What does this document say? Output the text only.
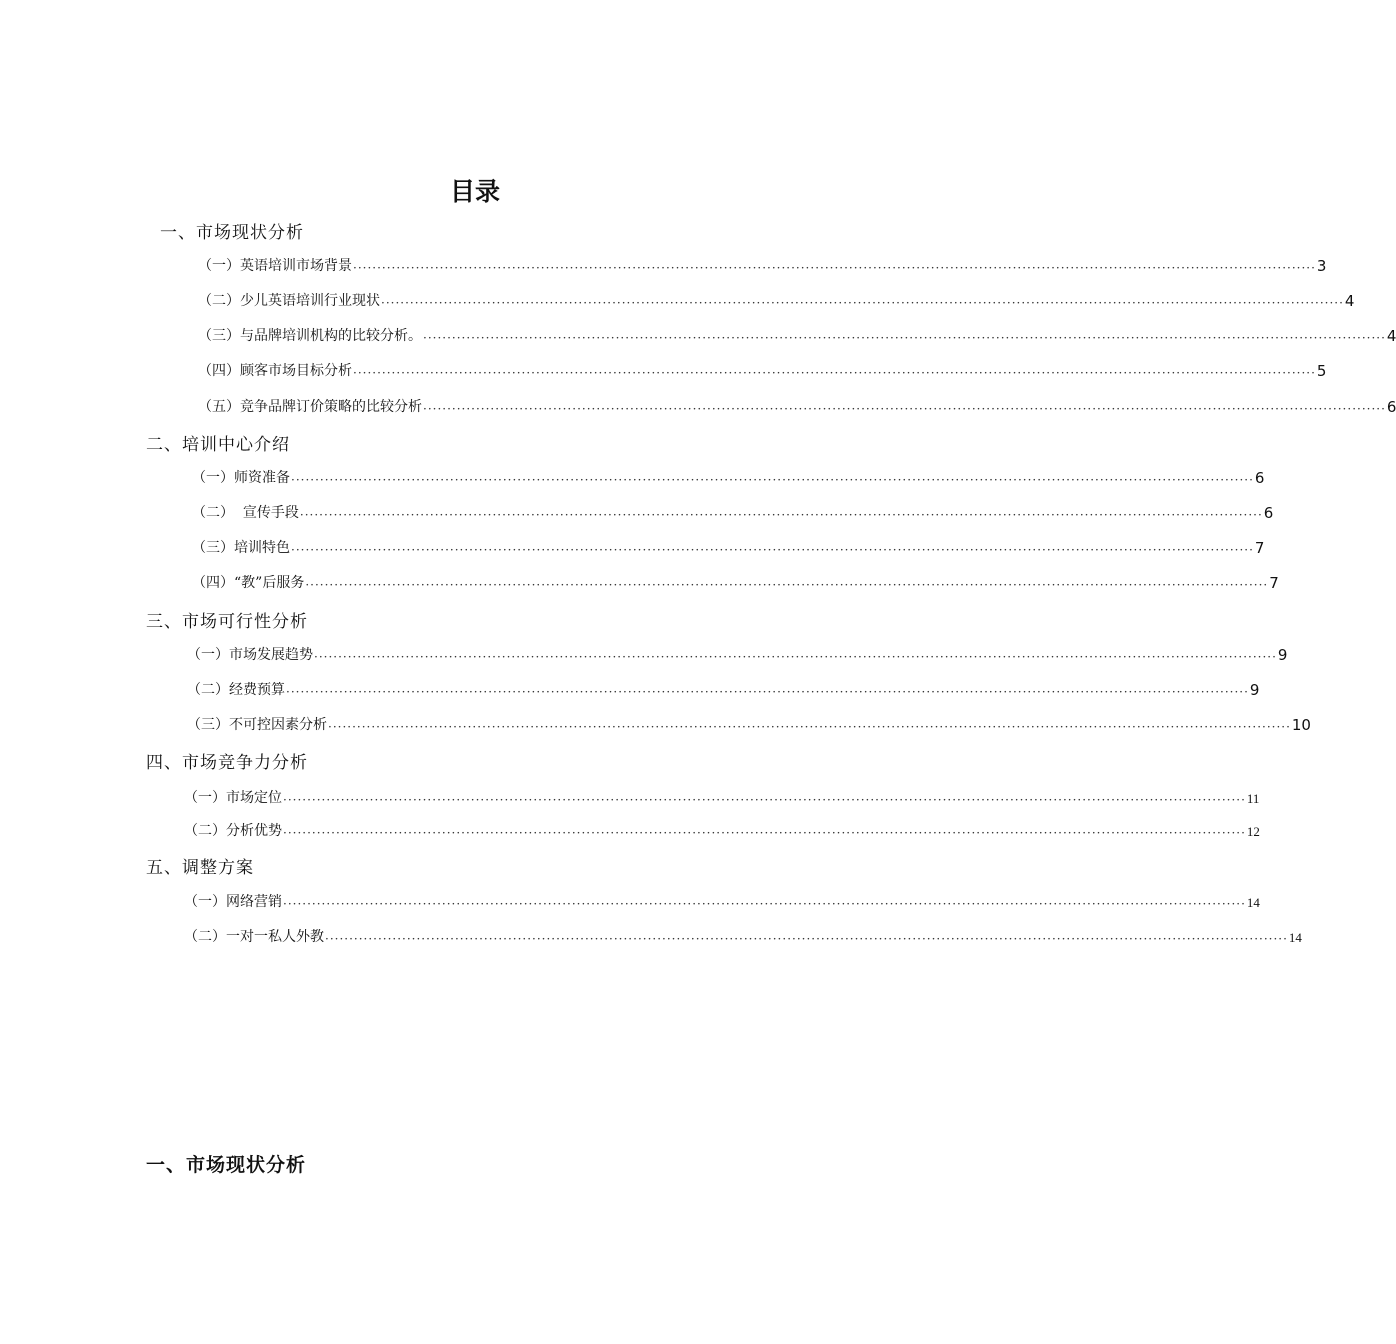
目录
一、市场现状分析
（一）英语培训市场背景 ········································································································································································································ 3
（二）少儿英语培训行业现状 ········································································································································································································ 4
（三）与品牌培训机构的比较分析。 ········································································································································································································ 4
（四）顾客市场目标分析 ········································································································································································································ 5
（五）竞争品牌订价策略的比较分析 ········································································································································································································ 6
二、培训中心介绍
（一）师资准备 ········································································································································································································ 6
（二）  宣传手段 ········································································································································································································ 6
（三）培训特色 ········································································································································································································ 7
（四）“教”后服务 ········································································································································································································ 7
三、市场可行性分析
（一）市场发展趋势 ········································································································································································································ 9
（二）经费预算 ········································································································································································································ 9
（三）不可控因素分析 ········································································································································································································ 10
四、市场竞争力分析
（一）市场定位 ········································································································································································································ 11
（二）分析优势 ········································································································································································································ 12
五、调整方案
（一）网络营销 ········································································································································································································ 14
（二）一对一私人外教 ········································································································································································································ 14
一、市场现状分析
